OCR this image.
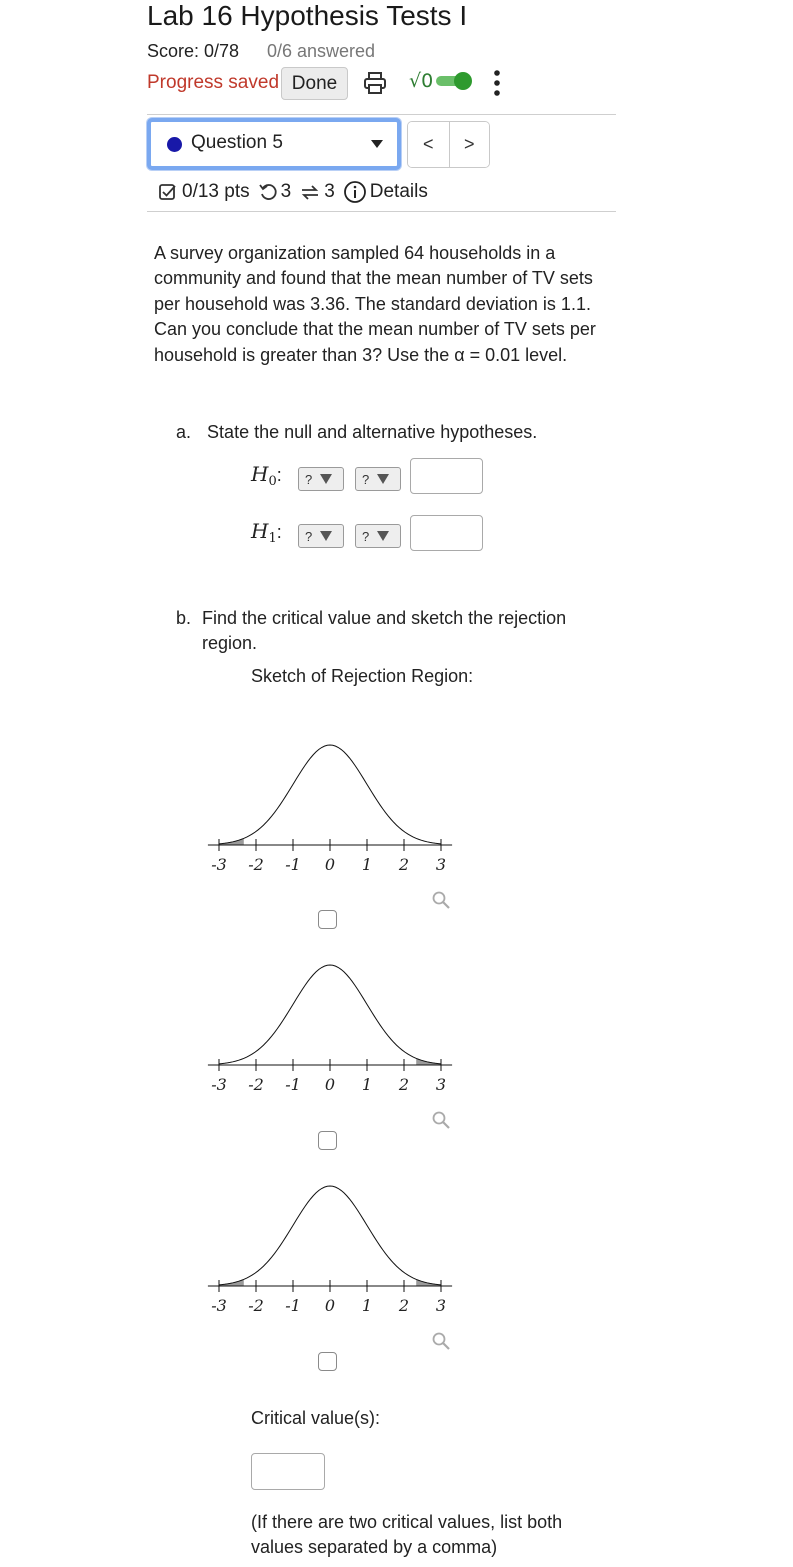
Lab 16 Hypothesis Tests I
Score: 0/78 0/6 answered
Progress saved Done	√0
Question 5	<	>
0/13 pts 3 3 Details
A survey organization sampled 64 households in a community and found that the mean number of TV sets per household was 3.36. The standard deviation is 1.1. Can you conclude that the mean number of TV sets per household is greater than 3? Use the α = 0.01 level.
a. State the null and alternative hypotheses.
$H_0$: ?	?
$H_1$: ?	?
b. Find the critical value and sketch the rejection region.
Sketch of Rejection Region:
-3 -2 -1 0 1 2 3
-3 -2 -1 0 1 2 3
-3 -2 -1 0 1 2 3
Critical value(s):
(If there are two critical values, list both values separated by a comma)
